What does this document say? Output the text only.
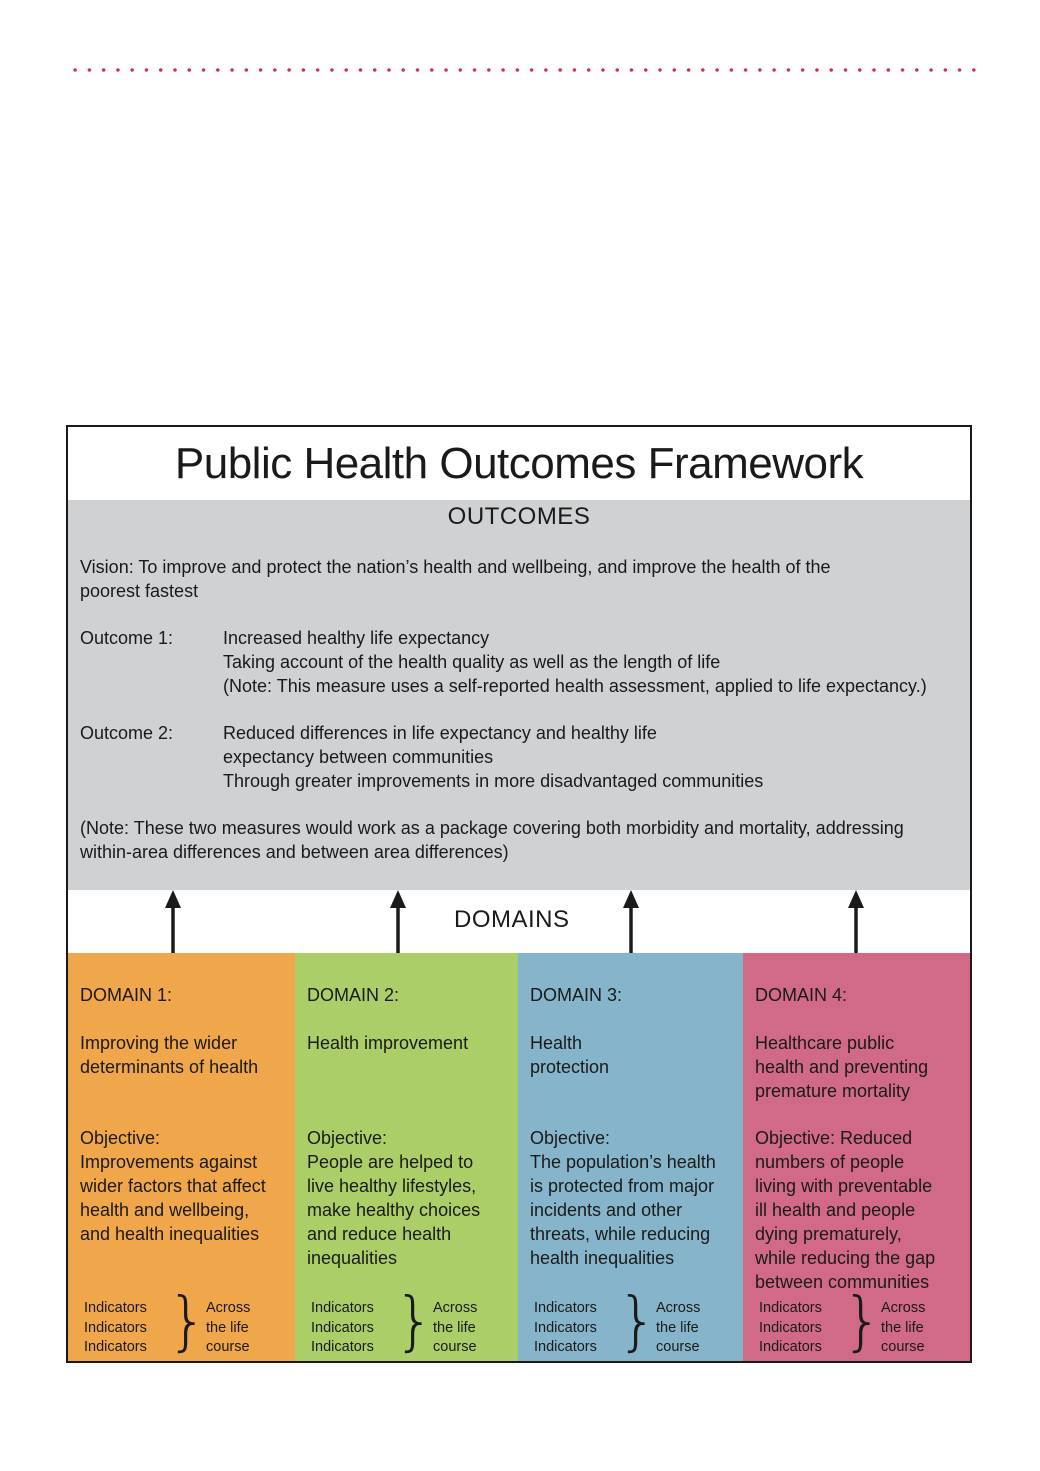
Public Health Outcomes Framework
OUTCOMES
Vision: To improve and protect the nation’s health and wellbeing, and improve the health of the
poorest fastest
Outcome 1:	Increased healthy life expectancy
Taking account of the health quality as well as the length of life
(Note: This measure uses a self-reported health assessment, applied to life expectancy.)
Outcome 2:	Reduced differences in life expectancy and healthy life
expectancy between communities
Through greater improvements in more disadvantaged communities
(Note: These two measures would work as a package covering both morbidity and mortality, addressing
within-area differences and between area differences)
DOMAINS
DOMAIN 1:
Improving the wider
determinants of health
Objective:
Improvements against
wider factors that affect
health and wellbeing,
and health inequalities
Indicators
Indicators
Indicators }
Across
the life
course
DOMAIN 2:
Health improvement
Objective:
People are helped to
live healthy lifestyles,
make healthy choices
and reduce health
inequalities
Indicators
Indicators
Indicators }
Across
the life
course
DOMAIN 3:
Health
protection
Objective:
The population’s health
is protected from major
incidents and other
threats, while reducing
health inequalities
Indicators
Indicators
Indicators }
Across
the life
course
DOMAIN 4:
Healthcare public
health and preventing
premature mortality
Objective: Reduced
numbers of people
living with preventable
ill health and people
dying prematurely,
while reducing the gap
between communities
Indicators
Indicators
Indicators }
Across
the life
course
